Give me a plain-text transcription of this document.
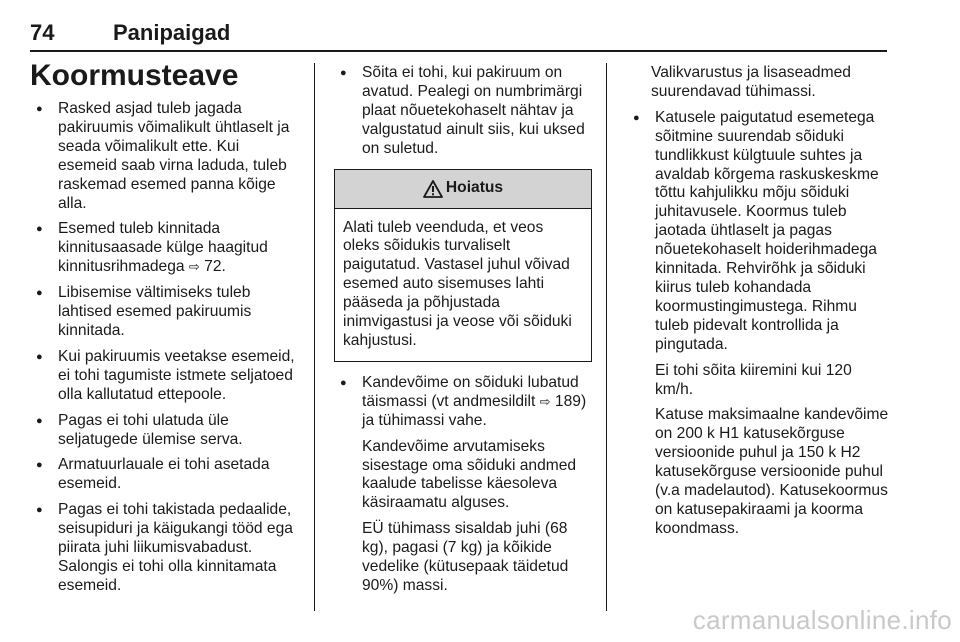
74	Panipaigad
Koormusteave
● Rasked asjad tuleb jagada pakiruumis võimalikult ühtlaselt ja seada võimalikult ette. Kui esemeid saab virna laduda, tuleb raskemad esemed panna kõige alla.
● Esemed tuleb kinnitada kinnitusaasade külge haagitud kinnitusrihmadega ⇨ 72.
● Libisemise vältimiseks tuleb lahtised esemed pakiruumis kinnitada.
● Kui pakiruumis veetakse esemeid, ei tohi tagumiste istmete seljatoed olla kallutatud ettepoole.
● Pagas ei tohi ulatuda üle seljatugede ülemise serva.
● Armatuurlauale ei tohi asetada esemeid.
● Pagas ei tohi takistada pedaalide, seisupiduri ja käigukangi tööd ega piirata juhi liikumisvabadust. Salongis ei tohi olla kinnitamata esemeid.
● Sõita ei tohi, kui pakiruum on avatud. Pealegi on numbrimärgi plaat nõuetekohaselt nähtav ja valgustatud ainult siis, kui uksed on suletud.
Hoiatus
Alati tuleb veenduda, et veos oleks sõidukis turvaliselt paigutatud. Vastasel juhul võivad esemed auto sisemuses lahti pääseda ja põhjustada inimvigastusi ja veose või sõiduki kahjustusi.
● Kandevõime on sõiduki lubatud täismassi (vt andmesildilt ⇨ 189) ja tühimassi vahe.
Kandevõime arvutamiseks sisestage oma sõiduki andmed kaalude tabelisse käesoleva käsiraamatu alguses.
EÜ tühimass sisaldab juhi (68 kg), pagasi (7 kg) ja kõikide vedelike (kütusepaak täidetud 90%) massi.
Valikvarustus ja lisaseadmed suurendavad tühimassi.
● Katusele paigutatud esemetega sõitmine suurendab sõiduki tundlikkust külgtuule suhtes ja avaldab kõrgema raskuskeskme tõttu kahjulikku mõju sõiduki juhitavusele. Koormus tuleb jaotada ühtlaselt ja pagas nõuetekohaselt hoiderihmadega kinnitada. Rehvirõhk ja sõiduki kiirus tuleb kohandada koormustingimustega. Rihmu tuleb pidevalt kontrollida ja pingutada.
Ei tohi sõita kiiremini kui 120 km/h.
Katuse maksimaalne kandevõime on 200 k H1 katusekõrguse versioonide puhul ja 150 k H2 katusekõrguse versioonide puhul (v.a madelautod). Katusekoormus on katusepakiraami ja koorma koondmass.
carmanualsonline.info
